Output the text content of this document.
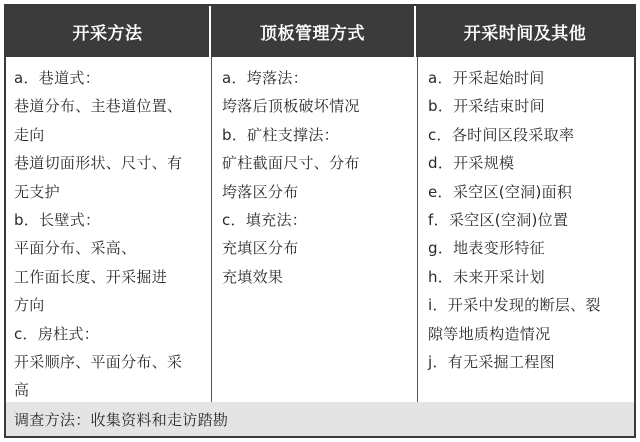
开采方法	顶板管理方式	开采时间及其他
a．巷道式：
巷道分布、主巷道位置、
走向
巷道切面形状、尺寸、有
无支护
b．长壁式：
平面分布、采高、
工作面长度、开采掘进
方向
c．房柱式：
开采顺序、平面分布、采
高
a．垮落法：
垮落后顶板破坏情况
b．矿柱支撑法：
矿柱截面尺寸、分布
垮落区分布
c．填充法：
充填区分布
充填效果
a．开采起始时间
b．开采结束时间
c．各时间区段采取率
d．开采规模
e．采空区(空洞)面积
f．采空区(空洞)位置
g．地表变形特征
h．未来开采计划
i．开采中发现的断层、裂
隙等地质构造情况
j．有无采掘工程图
调查方法：收集资料和走访踏勘
